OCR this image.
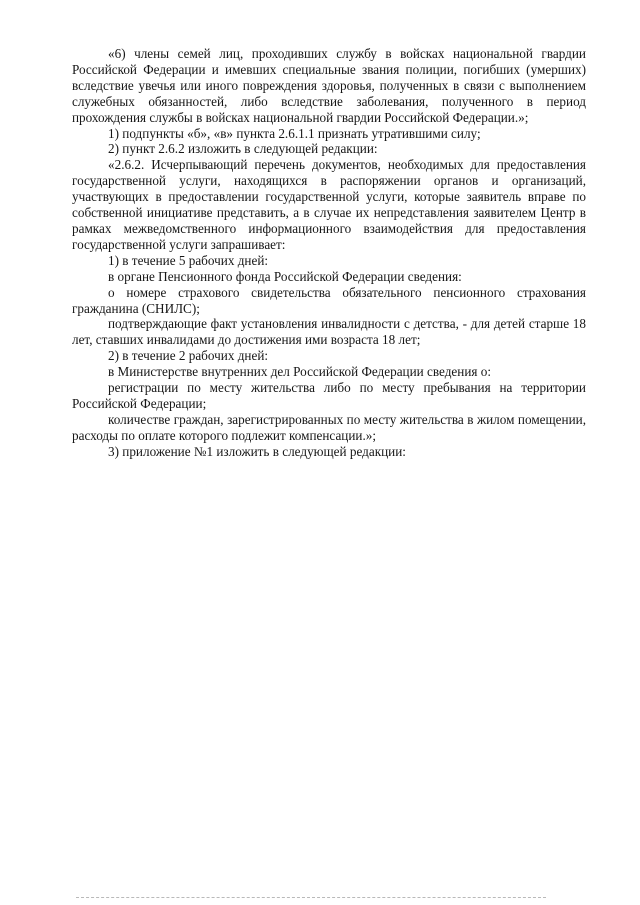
«6) члены семей лиц, проходивших службу в войсках национальной гвардии Российской Федерации и имевших специальные звания полиции, погибших (умерших) вследствие увечья или иного повреждения здоровья, полученных в связи с выполнением служебных обязанностей, либо вследствие заболевания, полученного в период прохождения службы в войсках национальной гвардии Российской Федерации.»;

1) подпункты «б», «в» пункта 2.6.1.1 признать утратившими силу;

2) пункт 2.6.2 изложить в следующей редакции:

«2.6.2. Исчерпывающий перечень документов, необходимых для предоставления государственной услуги, находящихся в распоряжении органов и организаций, участвующих в предоставлении государственной услуги, которые заявитель вправе по собственной инициативе представить, а в случае их непредставления заявителем Центр в рамках межведомственного информационного взаимодействия для предоставления государственной услуги запрашивает:

1) в течение 5 рабочих дней:

в органе Пенсионного фонда Российской Федерации сведения:

о номере страхового свидетельства обязательного пенсионного страхования гражданина (СНИЛС);

подтверждающие факт установления инвалидности с детства, - для детей старше 18 лет, ставших инвалидами до достижения ими возраста 18 лет;

2) в течение 2 рабочих дней:

в Министерстве внутренних дел Российской Федерации сведения о:

регистрации по месту жительства либо по месту пребывания на территории Российской Федерации;

количестве граждан, зарегистрированных по месту жительства в жилом помещении, расходы по оплате которого подлежит компенсации.»;

3) приложение №1 изложить в следующей редакции:
